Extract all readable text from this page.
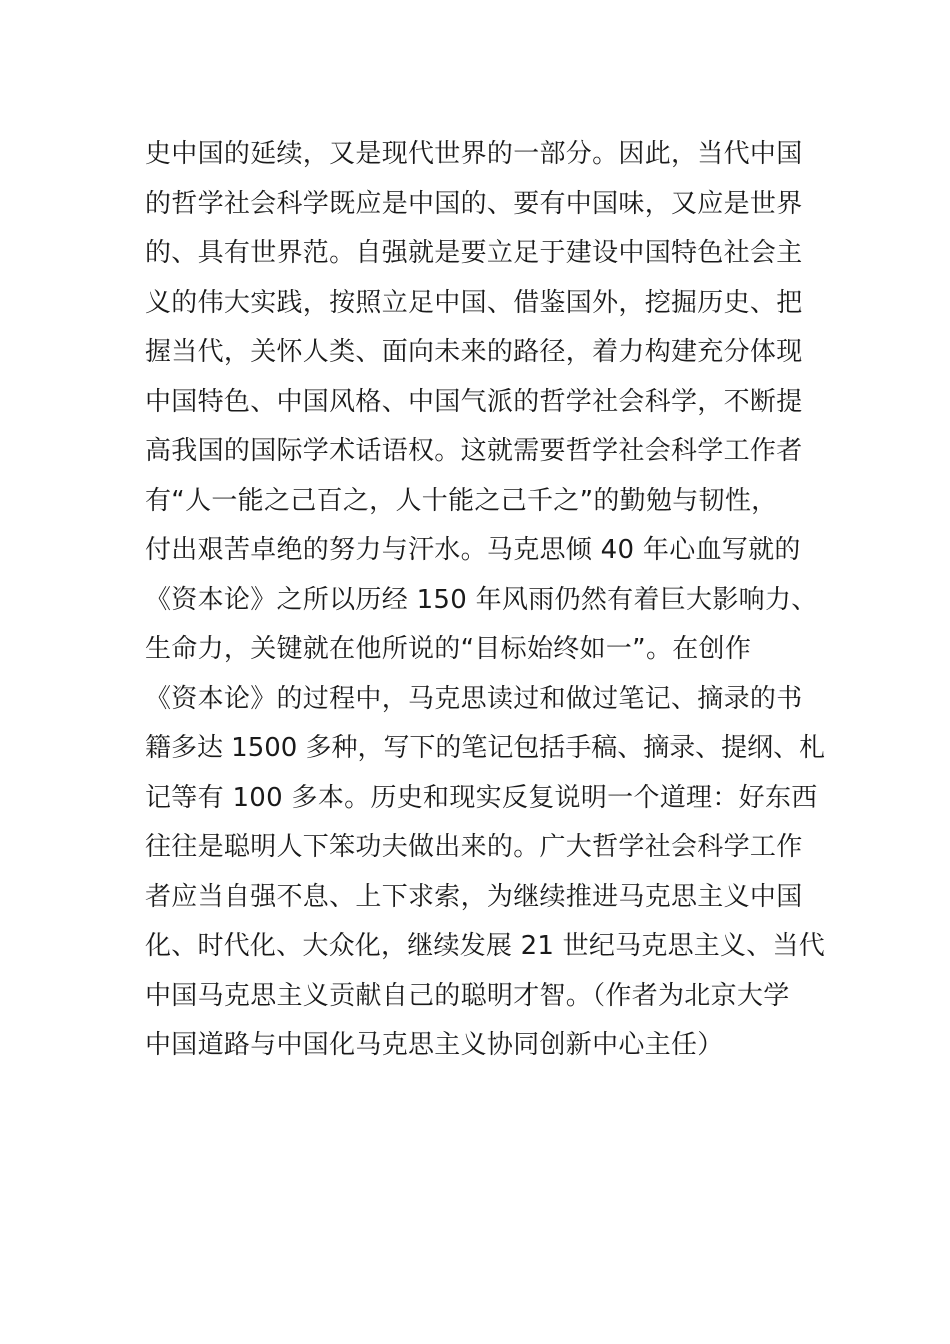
史中国的延续，又是现代世界的一部分。因此，当代中国
的哲学社会科学既应是中国的、要有中国味，又应是世界
的、具有世界范。自强就是要立足于建设中国特色社会主
义的伟大实践，按照立足中国、借鉴国外，挖掘历史、把
握当代，关怀人类、面向未来的路径，着力构建充分体现
中国特色、中国风格、中国气派的哲学社会科学，不断提
高我国的国际学术话语权。这就需要哲学社会科学工作者
有“人一能之己百之，人十能之己千之”的勤勉与韧性，
付出艰苦卓绝的努力与汗水。马克思倾 40 年心血写就的
《资本论》之所以历经 150 年风雨仍然有着巨大影响力、
生命力，关键就在他所说的“目标始终如一”。在创作
《资本论》的过程中，马克思读过和做过笔记、摘录的书
籍多达 1500 多种，写下的笔记包括手稿、摘录、提纲、札
记等有 100 多本。历史和现实反复说明一个道理：好东西
往往是聪明人下笨功夫做出来的。广大哲学社会科学工作
者应当自强不息、上下求索，为继续推进马克思主义中国
化、时代化、大众化，继续发展 21 世纪马克思主义、当代
中国马克思主义贡献自己的聪明才智。（作者为北京大学
中国道路与中国化马克思主义协同创新中心主任）
